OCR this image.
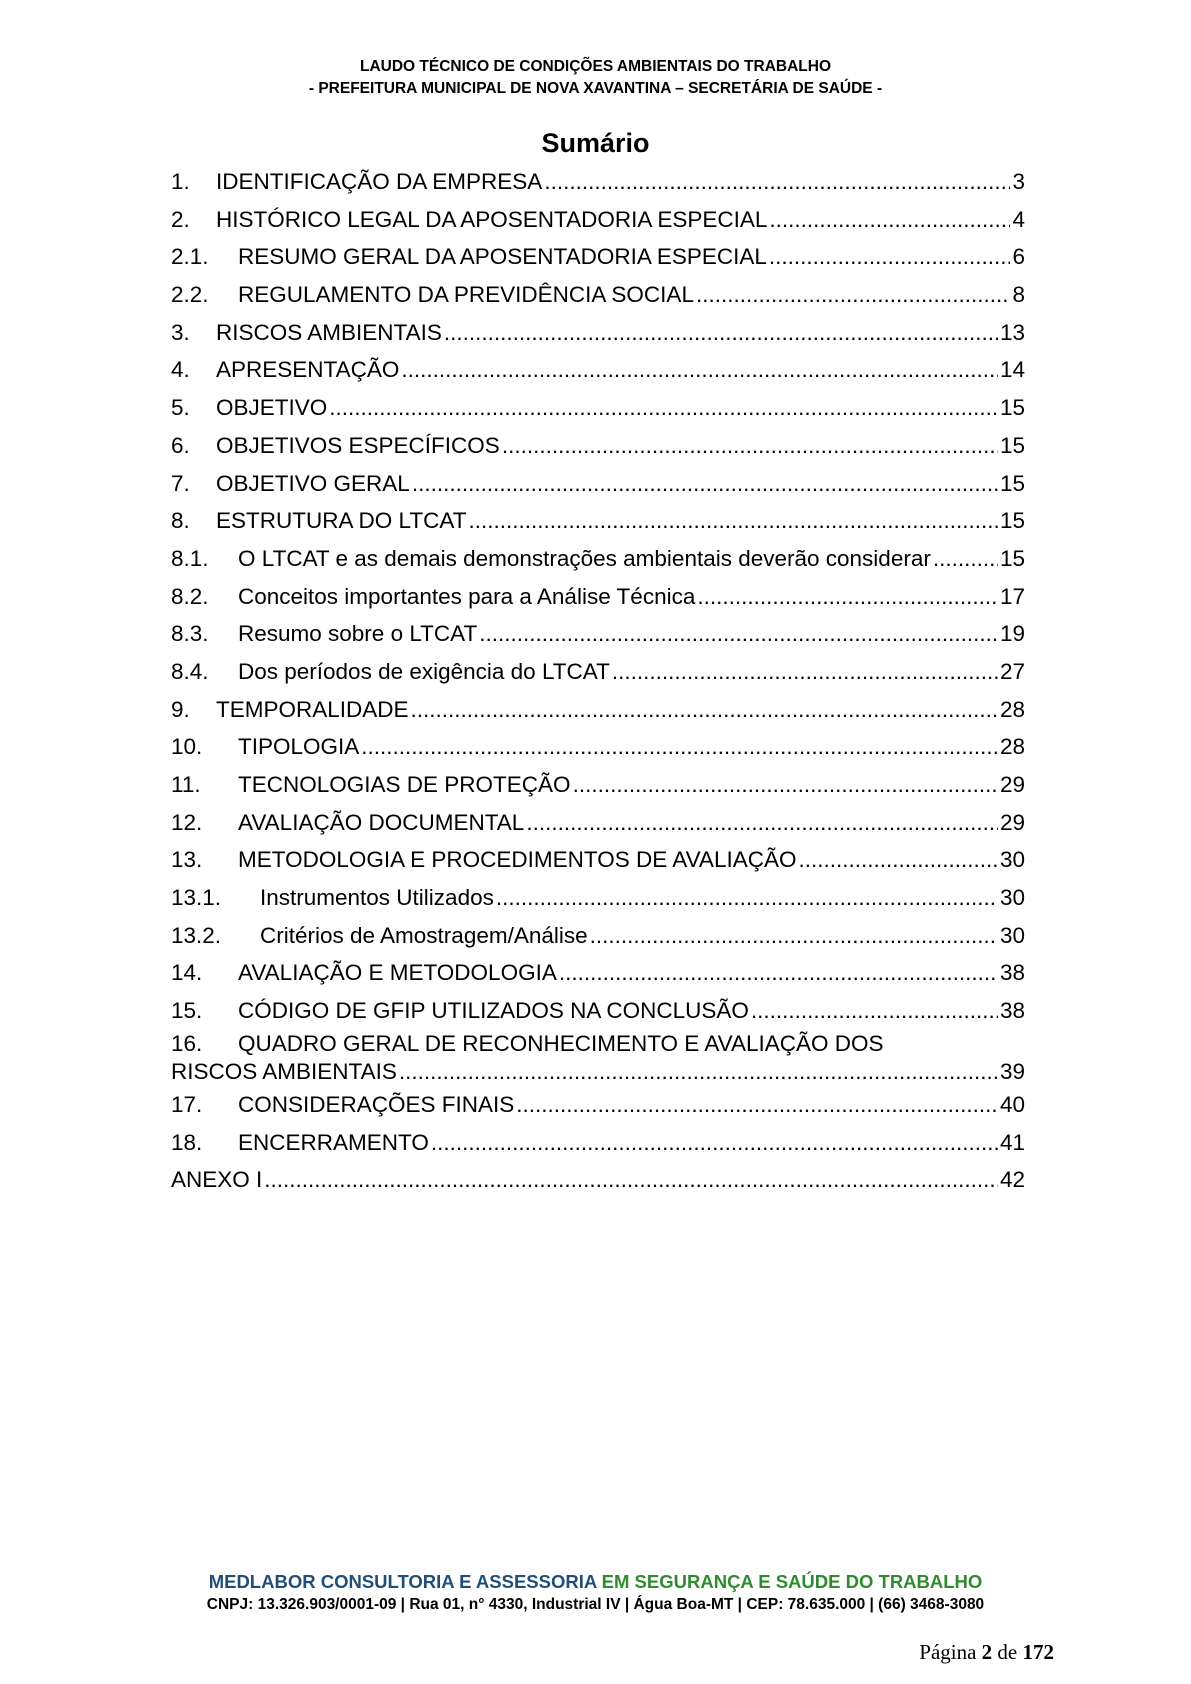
LAUDO TÉCNICO DE CONDIÇÕES AMBIENTAIS DO TRABALHO
- PREFEITURA MUNICIPAL DE NOVA XAVANTINA – SECRETÁRIA DE SAÚDE -
Sumário
1.	IDENTIFICAÇÃO DA EMPRESA .....	3
2.	HISTÓRICO LEGAL DA APOSENTADORIA ESPECIAL .....	4
2.1.	RESUMO GERAL DA APOSENTADORIA ESPECIAL .....	6
2.2.	REGULAMENTO DA PREVIDÊNCIA SOCIAL .....	8
3.	RISCOS AMBIENTAIS .....	13
4.	APRESENTAÇÃO .....	14
5.	OBJETIVO .....	15
6.	OBJETIVOS ESPECÍFICOS .....	15
7.	OBJETIVO GERAL .....	15
8.	ESTRUTURA DO LTCAT .....	15
8.1.	O LTCAT e as demais demonstrações ambientais deverão considerar .....	15
8.2.	Conceitos importantes para a Análise Técnica .....	17
8.3.	Resumo sobre o LTCAT .....	19
8.4.	Dos períodos de exigência do LTCAT .....	27
9.	TEMPORALIDADE .....	28
10.	TIPOLOGIA .....	28
11.	TECNOLOGIAS DE PROTEÇÃO .....	29
12.	AVALIAÇÃO DOCUMENTAL .....	29
13.	METODOLOGIA E PROCEDIMENTOS DE AVALIAÇÃO .....	30
13.1.	Instrumentos Utilizados .....	30
13.2.	Critérios de Amostragem/Análise .....	30
14.	AVALIAÇÃO E METODOLOGIA .....	38
15.	CÓDIGO DE GFIP UTILIZADOS NA CONCLUSÃO .....	38
16. QUADRO GERAL DE RECONHECIMENTO E AVALIAÇÃO DOS
RISCOS AMBIENTAIS .....	39
17.	CONSIDERAÇÕES FINAIS .....	40
18.	ENCERRAMENTO .....	41
ANEXO I .....	42
MEDLABOR CONSULTORIA E ASSESSORIA EM SEGURANÇA E SAÚDE DO TRABALHO
CNPJ: 13.326.903/0001-09 | Rua 01, n° 4330, Industrial IV | Água Boa-MT | CEP: 78.635.000 | (66) 3468-3080
Página 2 de 172
